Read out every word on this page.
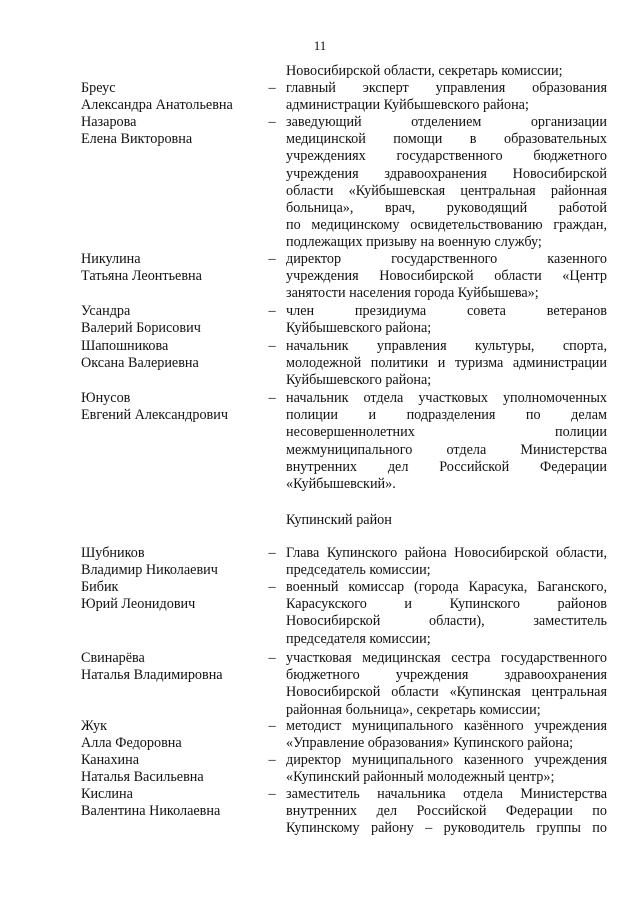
11
Новосибирской области, секретарь комиссии;
Бреус
Александра Анатольевна
– главный эксперт управления образования
администрации Куйбышевского района;
Назарова
Елена Викторовна
– заведующий отделением организации
медицинской помощи в образовательных
учреждениях государственного бюджетного
учреждения здравоохранения Новосибирской
области «Куйбышевская центральная районная
больница», врач, руководящий работой
по медицинскому освидетельствованию граждан,
подлежащих призыву на военную службу;
Никулина
Татьяна Леонтьевна
– директор государственного казенного
учреждения Новосибирской области «Центр
занятости населения города Куйбышева»;
Усандра
Валерий Борисович
– член президиума совета ветеранов
Куйбышевского района;
Шапошникова
Оксана Валериевна
– начальник управления культуры, спорта,
молодежной политики и туризма администрации
Куйбышевского района;
Юнусов
Евгений Александрович
– начальник отдела участковых уполномоченных
полиции и подразделения по делам
несовершеннолетних полиции
межмуниципального отдела Министерства
внутренних дел Российской Федерации
«Куйбышевский».
Шубников
Владимир Николаевич
– Глава Купинского района Новосибирской области,
председатель комиссии;
Бибик
Юрий Леонидович
– военный комиссар (города Карасука, Баганского,
Карасукского и Купинского районов
Новосибирской области), заместитель
председателя комиссии;
Свинарёва
Наталья Владимировна
– участковая медицинская сестра государственного
бюджетного учреждения здравоохранения
Новосибирской области «Купинская центральная
районная больница», секретарь комиссии;
Жук
Алла Федоровна
– методист муниципального казённого учреждения
«Управление образования» Купинского района;
Канахина
Наталья Васильевна
– директор муниципального казенного учреждения
«Купинский районный молодежный центр»;
Кислина
Валентина Николаевна
– заместитель начальника отдела Министерства
внутренних дел Российской Федерации по
Купинскому району – руководитель группы по
Купинский район
